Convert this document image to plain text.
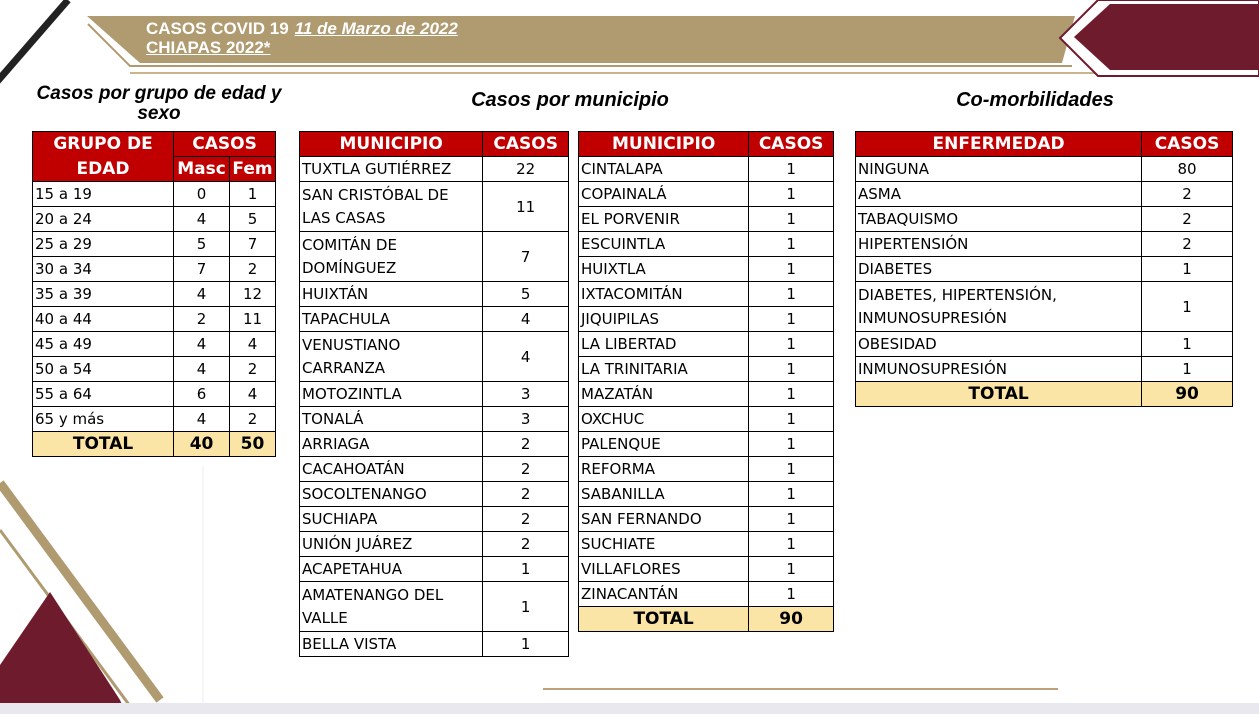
CASOS COVID 19 11 de Marzo de 2022
CHIAPAS 2022*
Casos por grupo de edad y
sexo
Casos por municipio	Co-morbilidades
GRUPO DE	CASOS	
EDAD	Masc	Fem
15 a 19	0	1
20 a 24	4	5
25 a 29	5	7
30 a 34	7	2
35 a 39	4	12
40 a 44	2	11
45 a 49	4	4
50 a 54	4	2
55 a 64	6	4
65 y más	4	2
TOTAL	40	50
MUNICIPIO	CASOS
TUXTLA GUTIÉRREZ	22
SAN CRISTÓBAL DE LAS CASAS	11
COMITÁN DE DOMÍNGUEZ	7
HUIXTÁN	5
TAPACHULA	4
VENUSTIANO CARRANZA	4
MOTOZINTLA	3
TONALÁ	3
ARRIAGA	2
CACAHOATÁN	2
SOCOLTENANGO	2
SUCHIAPA	2
UNIÓN JUÁREZ	2
ACAPETAHUA	1
AMATENANGO DEL VALLE	1
BELLA VISTA	1
MUNICIPIO	CASOS
CINTALAPA	1
COPAINALÁ	1
EL PORVENIR	1
ESCUINTLA	1
HUIXTLA	1
IXTACOMITÁN	1
JIQUIPILAS	1
LA LIBERTAD	1
LA TRINITARIA	1
MAZATÁN	1
OXCHUC	1
PALENQUE	1
REFORMA	1
SABANILLA	1
SAN FERNANDO	1
SUCHIATE	1
VILLAFLORES	1
ZINACANTÁN	1
TOTAL	90
ENFERMEDAD	CASOS
NINGUNA	80
ASMA	2
TABAQUISMO	2
HIPERTENSIÓN	2
DIABETES	1
DIABETES, HIPERTENSIÓN, INMUNOSUPRESIÓN	1
OBESIDAD	1
INMUNOSUPRESIÓN	1
TOTAL	90
